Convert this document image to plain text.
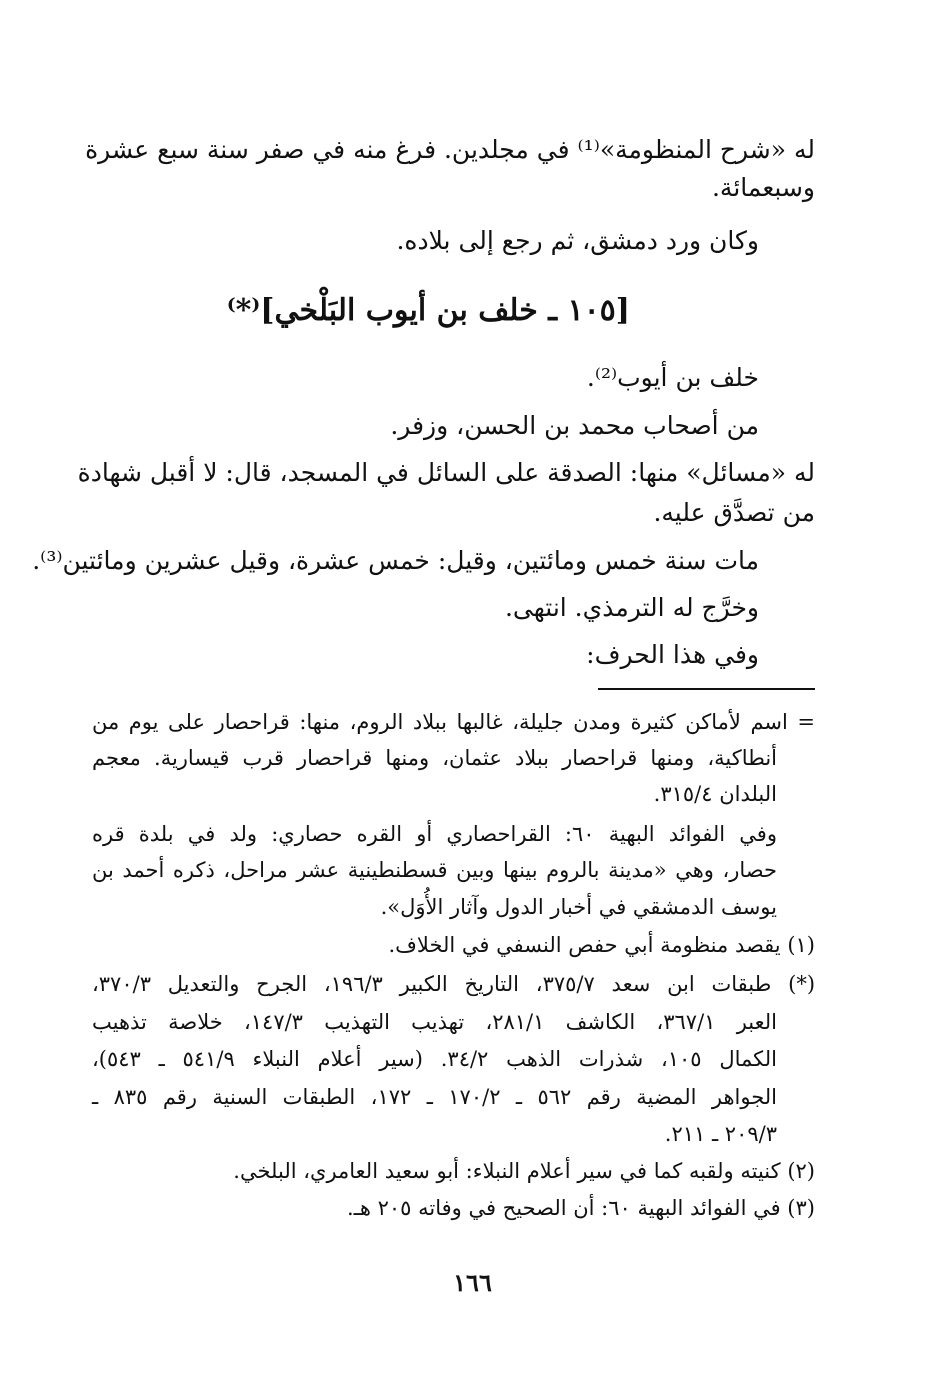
له «شرح المنظومة»⁽¹⁾ في مجلدين. فرغ منه في صفر سنة سبع عشرة
وسبعمائة.
وكان ورد دمشق، ثم رجع إلى بلاده.
[١٠٥ ـ خلف بن أيوب البَلْخي]⁽*⁾
خلف بن أيوب⁽²⁾.
من أصحاب محمد بن الحسن، وزفر.
له «مسائل» منها: الصدقة على السائل في المسجد، قال: لا أقبل شهادة
من تصدَّق عليه.
مات سنة خمس ومائتين، وقيل: خمس عشرة، وقيل عشرين ومائتين⁽³⁾.
وخرَّج له الترمذي. انتهى.
وفي هذا الحرف:
= اسم لأماكن كثيرة ومدن جليلة، غالبها ببلاد الروم، منها: قراحصار على يوم من
أنطاكية، ومنها قراحصار ببلاد عثمان، ومنها قراحصار قرب قيسارية. معجم
البلدان ٣١٥/٤.
وفي الفوائد البهية ٦٠: القراحصاري أو القره حصاري: ولد في بلدة قره
حصار، وهي «مدينة بالروم بينها وبين قسطنطينية عشر مراحل، ذكره أحمد بن
يوسف الدمشقي في أخبار الدول وآثار الأُوَل».
(١) يقصد منظومة أبي حفص النسفي في الخلاف.
(*) طبقات ابن سعد ٣٧٥/٧، التاريخ الكبير ١٩٦/٣، الجرح والتعديل ٣٧٠/٣،
العبر ٣٦٧/١، الكاشف ٢٨١/١، تهذيب التهذيب ١٤٧/٣، خلاصة تذهيب
الكمال ١٠٥، شذرات الذهب ٣٤/٢. (سير أعلام النبلاء ٥٤١/٩ ـ ٥٤٣)،
الجواهر المضية رقم ٥٦٢ ـ ١٧٠/٢ ـ ١٧٢، الطبقات السنية رقم ٨٣٥ ـ
٢٠٩/٣ ـ ٢١١.
(٢) كنيته ولقبه كما في سير أعلام النبلاء: أبو سعيد العامري، البلخي.
(٣) في الفوائد البهية ٦٠: أن الصحيح في وفاته ٢٠٥ هـ.
١٦٦
